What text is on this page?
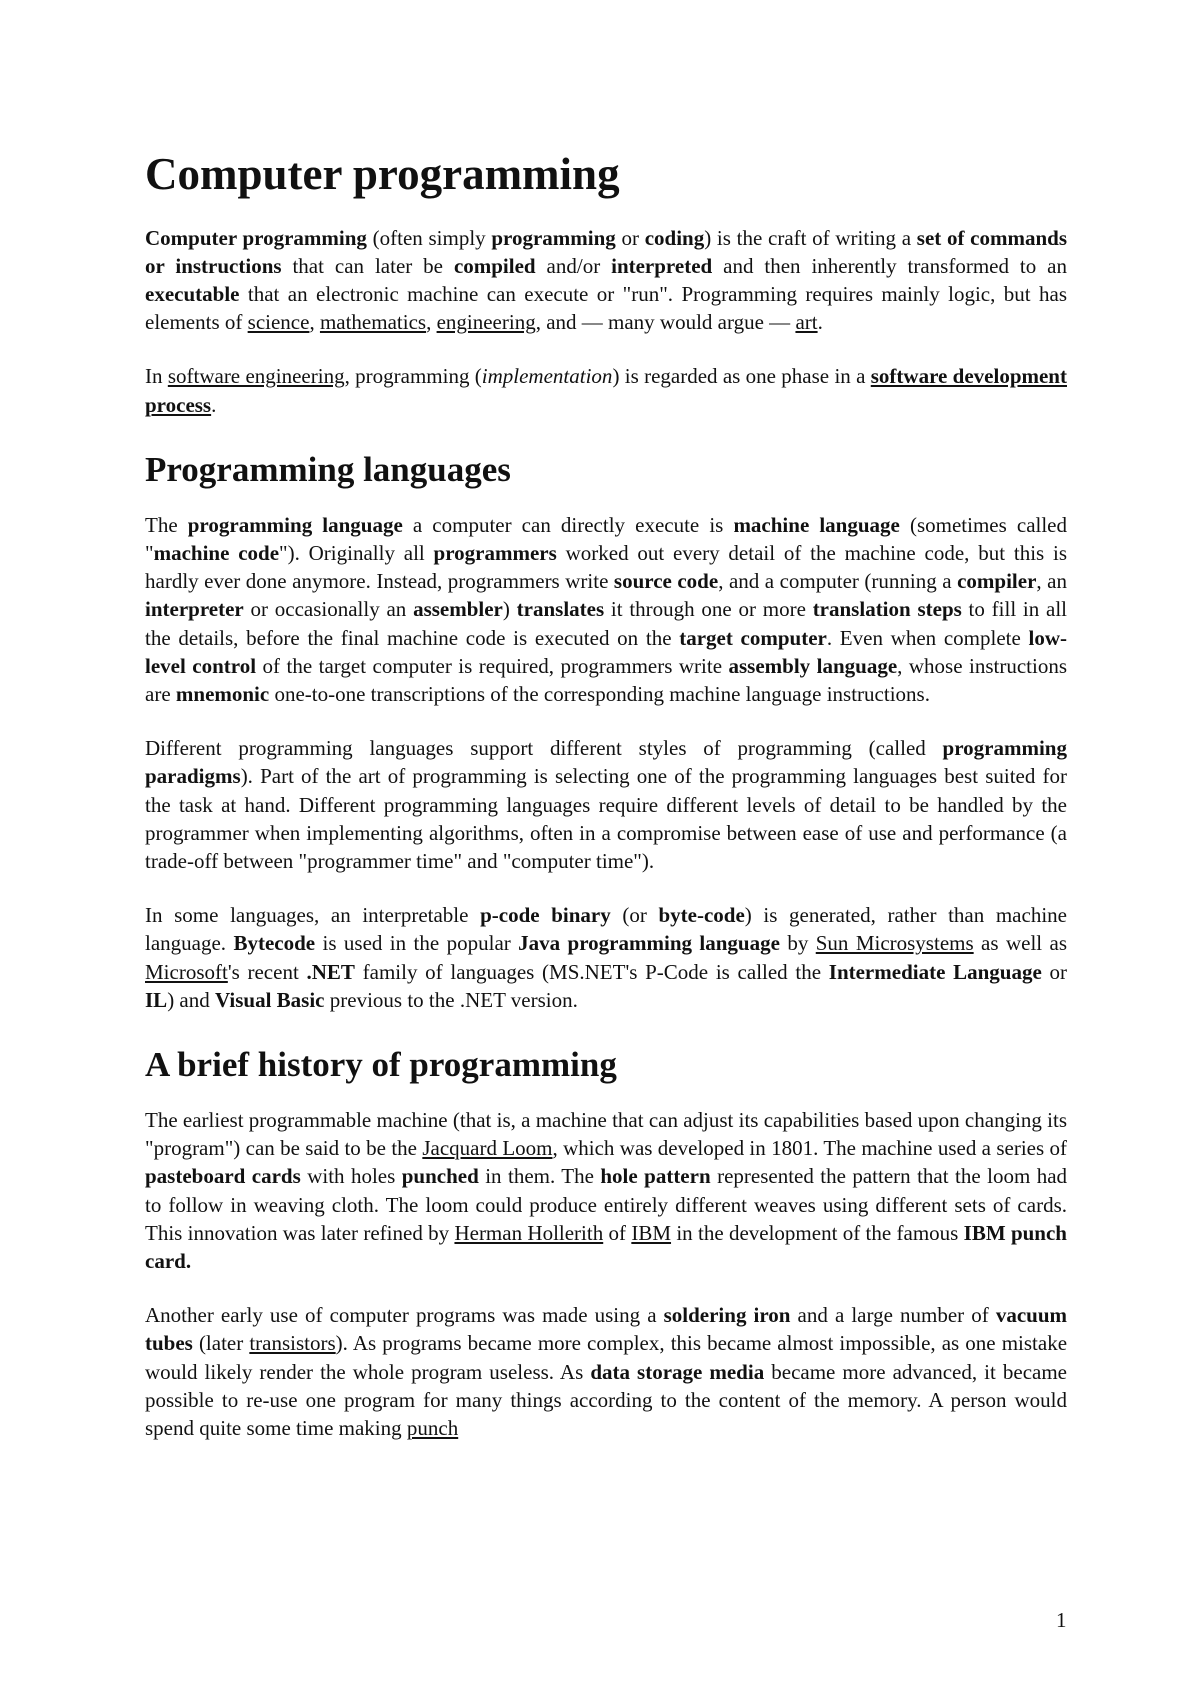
Computer programming

Computer programming (often simply programming or coding) is the craft of writing a set of commands or instructions that can later be compiled and/or interpreted and then inherently transformed to an executable that an electronic machine can execute or "run". Programming requires mainly logic, but has elements of science, mathematics, engineering, and — many would argue — art.

In software engineering, programming (implementation) is regarded as one phase in a software development process.

Programming languages

The programming language a computer can directly execute is machine language (sometimes called "machine code"). Originally all programmers worked out every detail of the machine code, but this is hardly ever done anymore. Instead, programmers write source code, and a computer (running a compiler, an interpreter or occasionally an assembler) translates it through one or more translation steps to fill in all the details, before the final machine code is executed on the target computer. Even when complete low-level control of the target computer is required, programmers write assembly language, whose instructions are mnemonic one-to-one transcriptions of the corresponding machine language instructions.

Different programming languages support different styles of programming (called programming paradigms). Part of the art of programming is selecting one of the programming languages best suited for the task at hand. Different programming languages require different levels of detail to be handled by the programmer when implementing algorithms, often in a compromise between ease of use and performance (a trade-off between "programmer time" and "computer time").

In some languages, an interpretable p-code binary (or byte-code) is generated, rather than machine language. Bytecode is used in the popular Java programming language by Sun Microsystems as well as Microsoft's recent .NET family of languages (MS.NET's P-Code is called the Intermediate Language or IL) and Visual Basic previous to the .NET version.

A brief history of programming

The earliest programmable machine (that is, a machine that can adjust its capabilities based upon changing its "program") can be said to be the Jacquard Loom, which was developed in 1801. The machine used a series of pasteboard cards with holes punched in them. The hole pattern represented the pattern that the loom had to follow in weaving cloth. The loom could produce entirely different weaves using different sets of cards. This innovation was later refined by Herman Hollerith of IBM in the development of the famous IBM punch card.

Another early use of computer programs was made using a soldering iron and a large number of vacuum tubes (later transistors). As programs became more complex, this became almost impossible, as one mistake would likely render the whole program useless. As data storage media became more advanced, it became possible to re-use one program for many things according to the content of the memory. A person would spend quite some time making punch

1
